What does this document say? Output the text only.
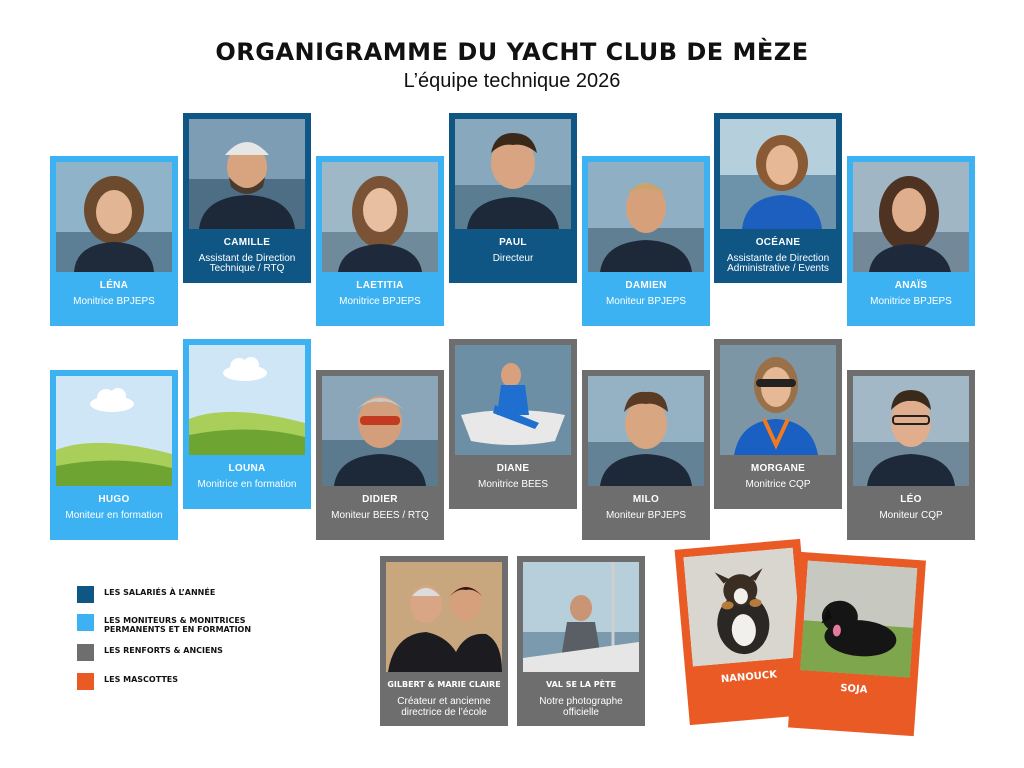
ORGANIGRAMME DU YACHT CLUB DE MÈZE

L’équipe technique 2026

LÉNA
Monitrice BPJEPS
CAMILLE
Assistant de Direction Technique / RTQ
LAETITIA
Monitrice BPJEPS
PAUL
Directeur
DAMIEN
Moniteur BPJEPS
OCÉANE
Assistante de Direction Administrative / Events
ANAÏS
Monitrice BPJEPS
HUGO
Moniteur en formation
LOUNA
Monitrice en formation
DIDIER
Moniteur BEES / RTQ
DIANE
Monitrice BEES
MILO
Moniteur BPJEPS
MORGANE
Monitrice CQP
LÉO
Moniteur CQP
LES SALARIÉS À L’ANNÉE
LES MONITEURS & MONITRICES PERMANENTS ET EN FORMATION
LES RENFORTS & ANCIENS
LES MASCOTTES
GILBERT & MARIE CLAIRE
Créateur et ancienne directrice de l’école
VAL SE LA PÈTE
Notre photographe officielle
NANOUCK
SOJA
